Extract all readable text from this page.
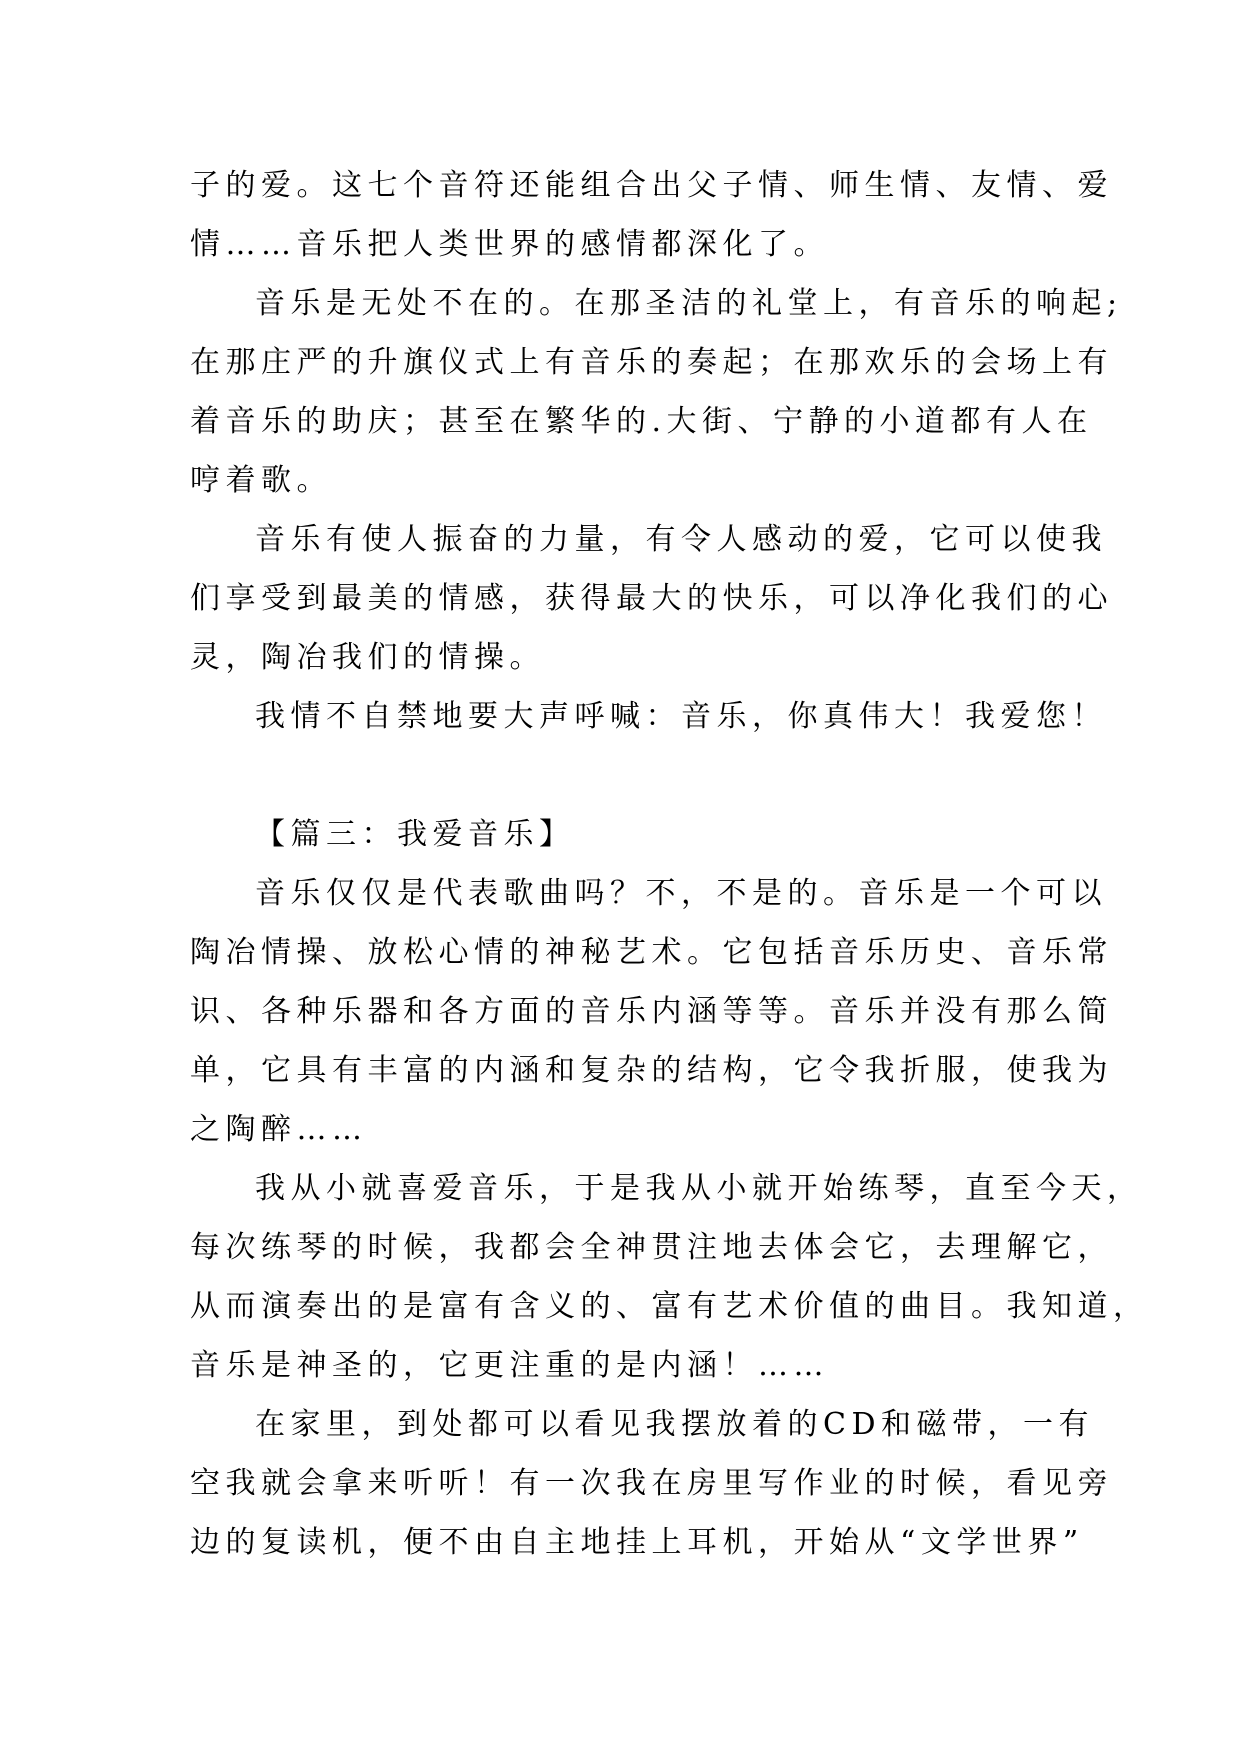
子的爱。这七个音符还能组合出父子情、师生情、友情、爱
情……音乐把人类世界的感情都深化了。
音乐是无处不在的。在那圣洁的礼堂上，有音乐的响起;
在那庄严的升旗仪式上有音乐的奏起；在那欢乐的会场上有
着音乐的助庆；甚至在繁华的.大街、宁静的小道都有人在
哼着歌。
音乐有使人振奋的力量，有令人感动的爱，它可以使我
们享受到最美的情感，获得最大的快乐，可以净化我们的心
灵，陶冶我们的情操。
我情不自禁地要大声呼喊：音乐，你真伟大！我爱您！
【篇三：我爱音乐】
音乐仅仅是代表歌曲吗？不，不是的。音乐是一个可以
陶冶情操、放松心情的神秘艺术。它包括音乐历史、音乐常
识、各种乐器和各方面的音乐内涵等等。音乐并没有那么简
单，它具有丰富的内涵和复杂的结构，它令我折服，使我为
之陶醉……
我从小就喜爱音乐，于是我从小就开始练琴，直至今天，
每次练琴的时候，我都会全神贯注地去体会它，去理解它，
从而演奏出的是富有含义的、富有艺术价值的曲目。我知道，
音乐是神圣的，它更注重的是内涵！……
在家里，到处都可以看见我摆放着的CD和磁带，一有
空我就会拿来听听！有一次我在房里写作业的时候，看见旁
边的复读机，便不由自主地挂上耳机，开始从“文学世界”
